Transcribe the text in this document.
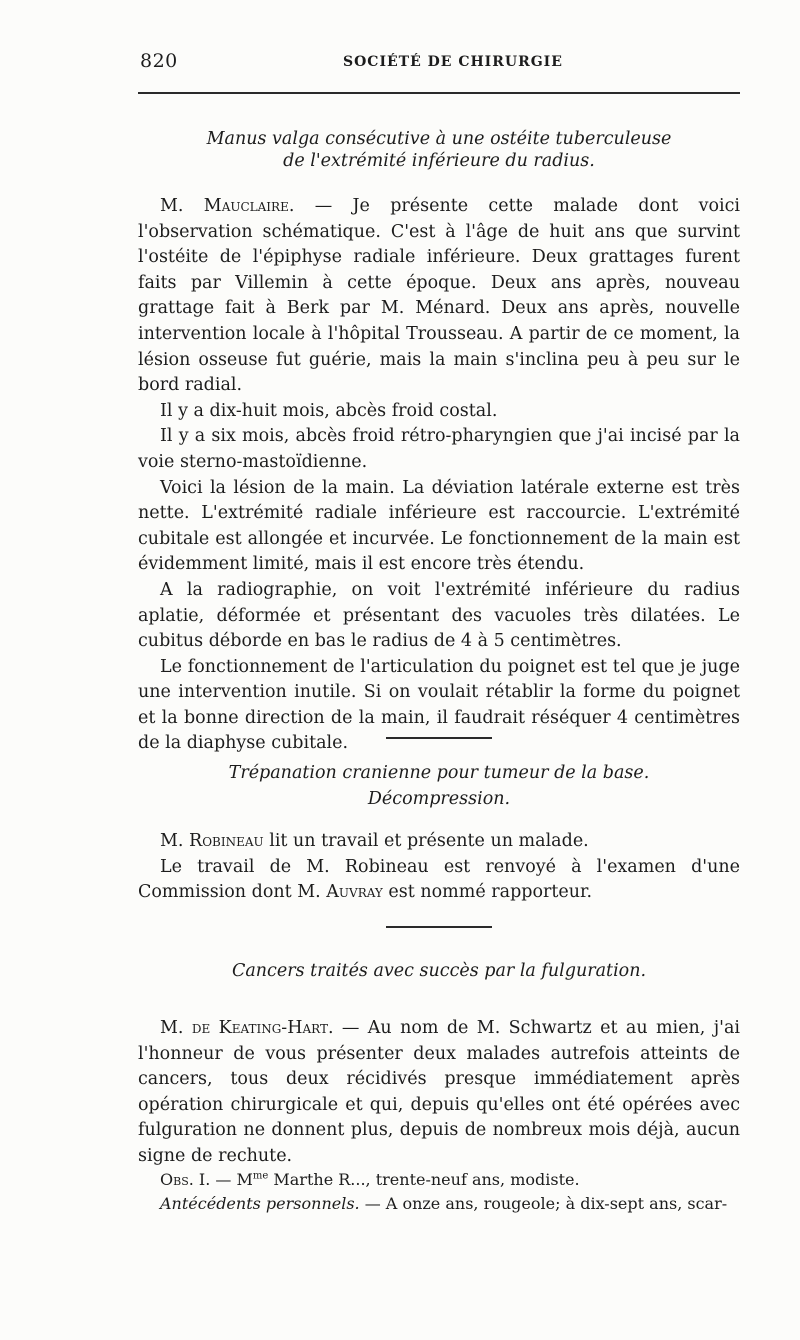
820	SOCIÉTÉ DE CHIRURGIE

Manus valga consécutive à une ostéite tuberculeuse

de l'extrémité inférieure du radius.

M. Mauclaire. — Je présente cette malade dont voici l'observation schématique. C'est à l'âge de huit ans que survint l'ostéite de l'épiphyse radiale inférieure. Deux grattages furent faits par Villemin à cette époque. Deux ans après, nouveau grattage fait à Berk par M. Ménard. Deux ans après, nouvelle intervention locale à l'hôpital Trousseau. A partir de ce moment, la lésion osseuse fut guérie, mais la main s'inclina peu à peu sur le bord radial.

Il y a dix-huit mois, abcès froid costal.

Il y a six mois, abcès froid rétro-pharyngien que j'ai incisé par la voie sterno-mastoïdienne.

Voici la lésion de la main. La déviation latérale externe est très nette. L'extrémité radiale inférieure est raccourcie. L'extrémité cubitale est allongée et incurvée. Le fonctionnement de la main est évidemment limité, mais il est encore très étendu.

A la radiographie, on voit l'extrémité inférieure du radius aplatie, déformée et présentant des vacuoles très dilatées. Le cubitus déborde en bas le radius de 4 à 5 centimètres.

Le fonctionnement de l'articulation du poignet est tel que je juge une intervention inutile. Si on voulait rétablir la forme du poignet et la bonne direction de la main, il faudrait réséquer 4 centimètres de la diaphyse cubitale.

Trépanation cranienne pour tumeur de la base.

Décompression.

M. Robineau lit un travail et présente un malade.

Le travail de M. Robineau est renvoyé à l'examen d'une Commission dont M. Auvray est nommé rapporteur.

Cancers traités avec succès par la fulguration.

M. de Keating-Hart. — Au nom de M. Schwartz et au mien, j'ai l'honneur de vous présenter deux malades autrefois atteints de cancers, tous deux récidivés presque immédiatement après opération chirurgicale et qui, depuis qu'elles ont été opérées avec fulguration ne donnent plus, depuis de nombreux mois déjà, aucun signe de rechute.

Obs. I. — $M^{me}$ Marthe R..., trente-neuf ans, modiste.

Antécédents personnels. — A onze ans, rougeole; à dix-sept ans, scar-
